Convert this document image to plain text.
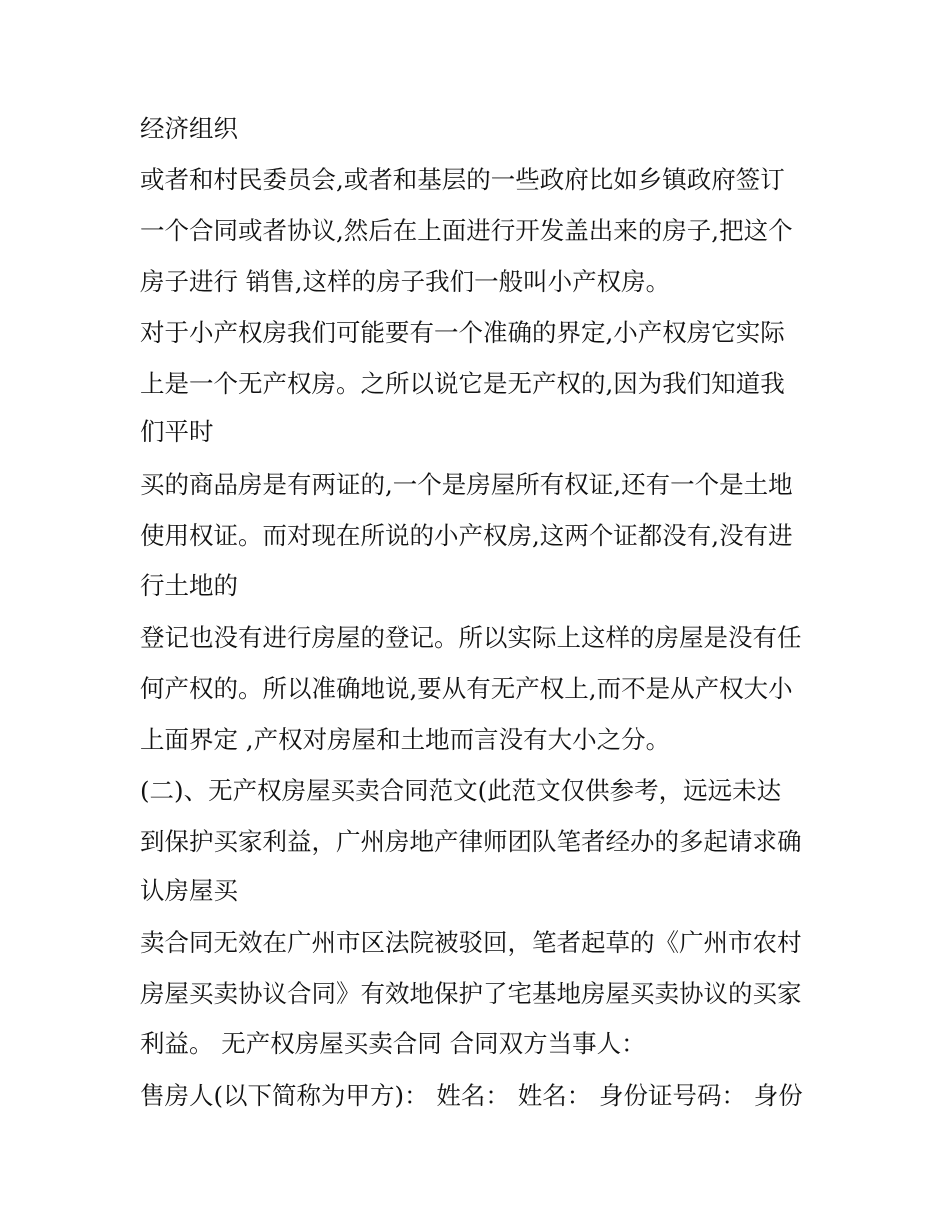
经济组织
或者和村民委员会,或者和基层的一些政府比如乡镇政府签订
一个合同或者协议,然后在上面进行开发盖出来的房子,把这个
房子进行 销售,这样的房子我们一般叫小产权房。
对于小产权房我们可能要有一个准确的界定,小产权房它实际
上是一个无产权房。之所以说它是无产权的,因为我们知道我
们平时
买的商品房是有两证的,一个是房屋所有权证,还有一个是土地
使用权证。而对现在所说的小产权房,这两个证都没有,没有进
行土地的
登记也没有进行房屋的登记。所以实际上这样的房屋是没有任
何产权的。所以准确地说,要从有无产权上,而不是从产权大小
上面界定 ,产权对房屋和土地而言没有大小之分。
(二)、无产权房屋买卖合同范文(此范文仅供参考，远远未达
到保护买家利益，广州房地产律师团队笔者经办的多起请求确
认房屋买
卖合同无效在广州市区法院被驳回，笔者起草的《广州市农村
房屋买卖协议合同》有效地保护了宅基地房屋买卖协议的买家
利益。 无产权房屋买卖合同 合同双方当事人：
售房人(以下简称为甲方)： 姓名： 姓名： 身份证号码： 身份
